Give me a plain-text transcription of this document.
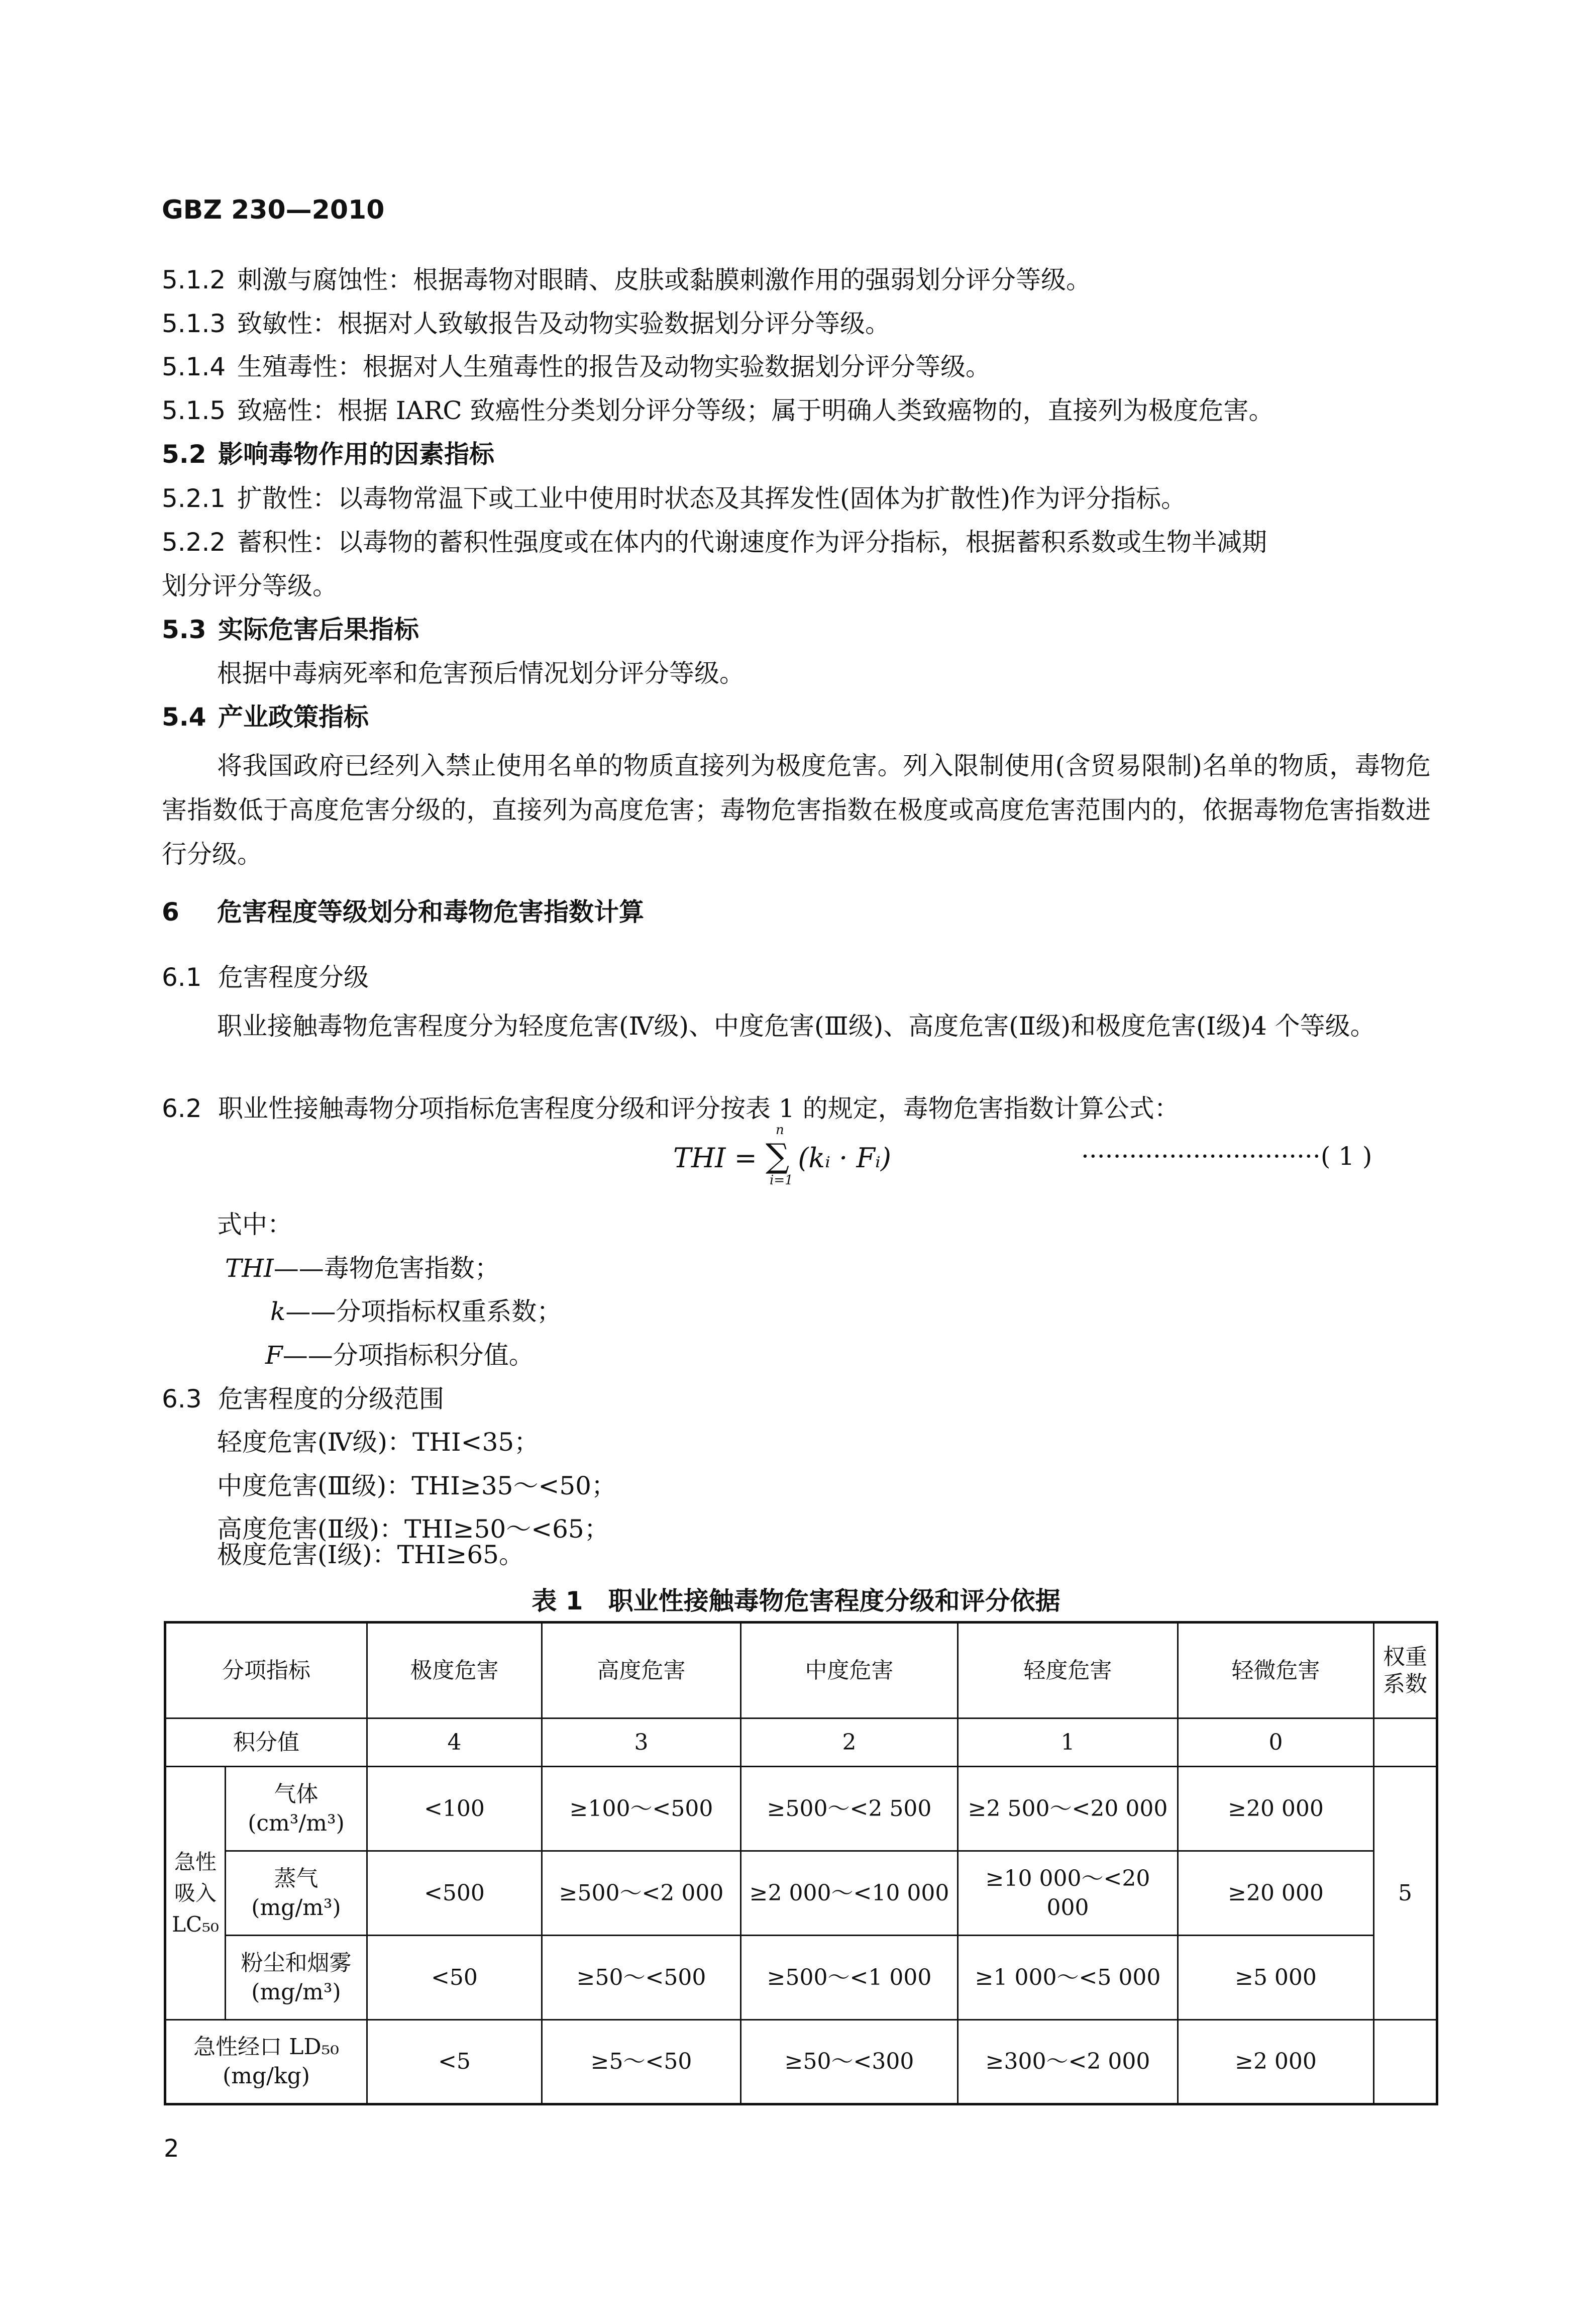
GBZ 230—2010
5.1.2 刺激与腐蚀性：根据毒物对眼睛、皮肤或黏膜刺激作用的强弱划分评分等级。
5.1.3 致敏性：根据对人致敏报告及动物实验数据划分评分等级。
5.1.4 生殖毒性：根据对人生殖毒性的报告及动物实验数据划分评分等级。
5.1.5 致癌性：根据 IARC 致癌性分类划分评分等级；属于明确人类致癌物的，直接列为极度危害。
5.2 影响毒物作用的因素指标
5.2.1 扩散性：以毒物常温下或工业中使用时状态及其挥发性(固体为扩散性)作为评分指标。
5.2.2 蓄积性：以毒物的蓄积性强度或在体内的代谢速度作为评分指标，根据蓄积系数或生物半减期
划分评分等级。
5.3 实际危害后果指标
根据中毒病死率和危害预后情况划分评分等级。
5.4 产业政策指标
将我国政府已经列入禁止使用名单的物质直接列为极度危害。列入限制使用(含贸易限制)名单的物质，毒物危害指数低于高度危害分级的，直接列为高度危害；毒物危害指数在极度或高度危害范围内的，依据毒物危害指数进行分级。
6 危害程度等级划分和毒物危害指数计算
6.1 危害程度分级
职业接触毒物危害程度分为轻度危害(Ⅳ级)、中度危害(Ⅲ级)、高度危害(Ⅱ级)和极度危害(Ⅰ级)4 个等级。
6.2 职业性接触毒物分项指标危害程度分级和评分按表 1 的规定，毒物危害指数计算公式：
THI = ∑
n
i=1
(kᵢ · Fᵢ)	······························( 1 )
式中：
THI——毒物危害指数；
k——分项指标权重系数；
F——分项指标积分值。
6.3 危害程度的分级范围
轻度危害(Ⅳ级)：THI<35；
中度危害(Ⅲ级)：THI≥35～<50；
高度危害(Ⅱ级)：THI≥50～<65；
极度危害(Ⅰ级)：THI≥65。
表 1　职业性接触毒物危害程度分级和评分依据
分项指标		极度危害	高度危害	中度危害	轻度危害	轻微危害	权重系数
积分值		4	3	2	1	0	
急性吸入LC₅₀	气体
(cm³/m³)	<100	≥100～<500	≥500～<2 500	≥2 500～<20 000	≥20 000	5

	蒸气
(mg/m³)	<500	≥500～<2 000	≥2 000～<10 000	≥10 000～<20 000	≥20 000	

	粉尘和烟雾
(mg/m³)	<50	≥50～<500	≥500～<1 000	≥1 000～<5 000	≥5 000	

急性经口 LD₅₀
(mg/kg)		<5	≥5～<50	≥50～<300	≥300～<2 000	≥2 000	
2
